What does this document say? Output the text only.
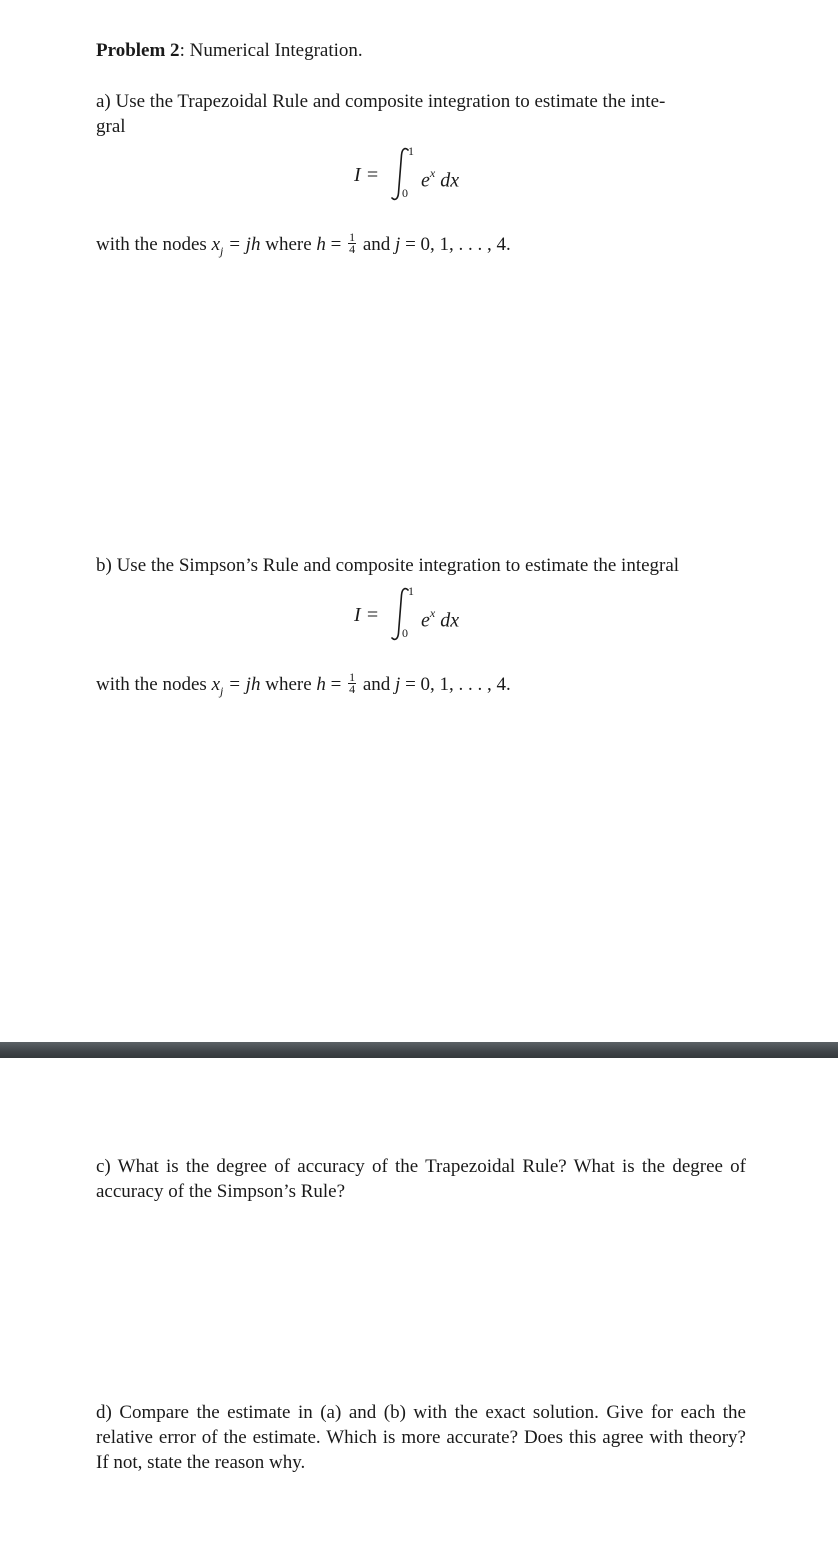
Problem 2: Numerical Integration.

a) Use the Trapezoidal Rule and composite integration to estimate the inte-
gral

I =
1
0
$e^x$ dx

with the nodes $x_j$ = jh where $h = \frac{1}{4}$ and j = 0, 1, . . . , 4.

b) Use the Simpson’s Rule and composite integration to estimate the integral

I =
1
0
$e^x$ dx

with the nodes $x_j$ = jh where $h = \frac{1}{4}$ and j = 0, 1, . . . , 4.

c) What is the degree of accuracy of the Trapezoidal Rule? What is the degree of accuracy of the Simpson’s Rule?

d) Compare the estimate in (a) and (b) with the exact solution. Give for each the relative error of the estimate. Which is more accurate? Does this agree with theory? If not, state the reason why.
